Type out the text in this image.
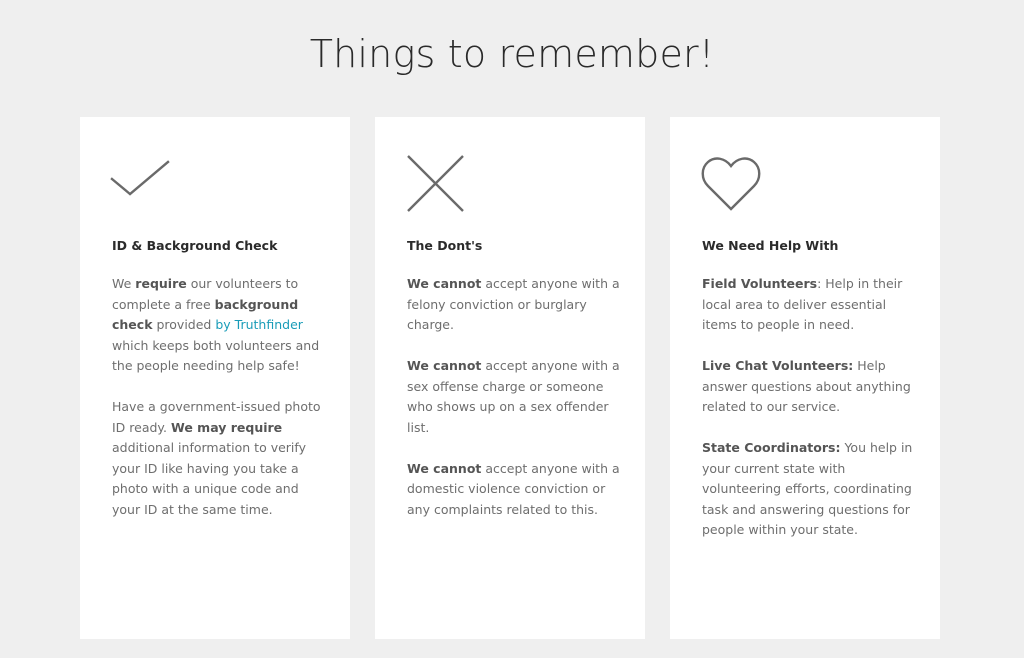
Things to remember!
ID & Background Check

We require our volunteers to complete a free background check provided by Truthfinder which keeps both volunteers and the people needing help safe!

Have a government-issued photo ID ready. We may require additional information to verify your ID like having you take a photo with a unique code and your ID at the same time.

The Dont's

We cannot accept anyone with a felony conviction or burglary charge.

We cannot accept anyone with a sex offense charge or someone who shows up on a sex offender list.

We cannot accept anyone with a domestic violence conviction or any complaints related to this.

We Need Help With

Field Volunteers: Help in their local area to deliver essential items to people in need.

Live Chat Volunteers: Help answer questions about anything related to our service.

State Coordinators: You help in your current state with volunteering efforts, coordinating task and answering questions for people within your state.
